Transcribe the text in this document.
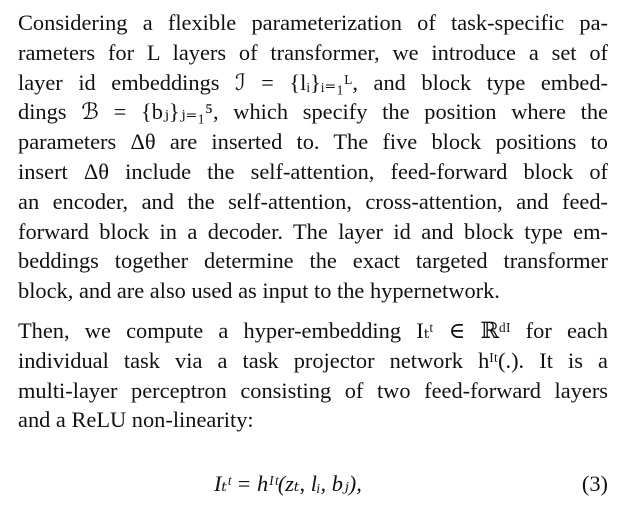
Considering a flexible parameterization of task-specific pa-
rameters for L layers of transformer, we introduce a set of
layer id embeddings ℐ = {lᵢ}ᵢ₌₁ᴸ, and block type embed-
dings ℬ = {bⱼ}ⱼ₌₁⁵, which specify the position where the
parameters Δθ are inserted to. The five block positions to
insert Δθ include the self-attention, feed-forward block of
an encoder, and the self-attention, cross-attention, and feed-
forward block in a decoder. The layer id and block type em-
beddings together determine the exact targeted transformer
block, and are also used as input to the hypernetwork.

Then, we compute a hyper-embedding Iₜᵗ ∈ ℝᵈᴵ for each
individual task via a task projector network hᴵᵗ(.). It is a
multi-layer perceptron consisting of two feed-forward layers
and a ReLU non-linearity:

Iₜᵗ = hᴵᵗ(zₜ, lᵢ, bⱼ),	(3)
